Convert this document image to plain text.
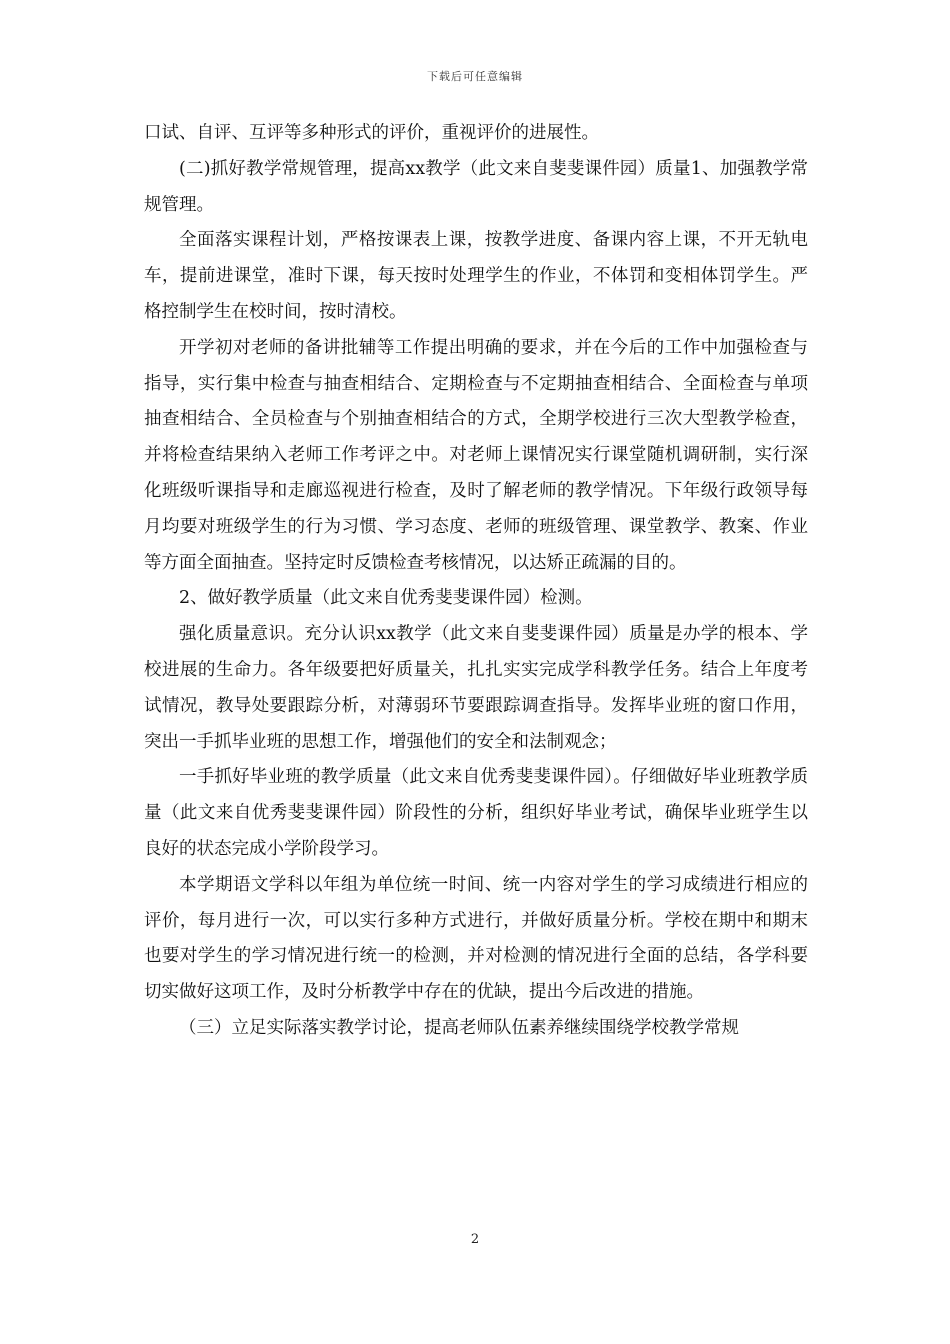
下载后可任意编辑

口试、自评、互评等多种形式的评价，重视评价的进展性。

(二)抓好教学常规管理，提高xx教学（此文来自斐斐课件园）质量1、加强教学常规管理。

全面落实课程计划，严格按课表上课，按教学进度、备课内容上课，不开无轨电车，提前进课堂，准时下课，每天按时处理学生的作业，不体罚和变相体罚学生。严格控制学生在校时间，按时清校。

开学初对老师的备讲批辅等工作提出明确的要求，并在今后的工作中加强检查与指导，实行集中检查与抽查相结合、定期检查与不定期抽查相结合、全面检查与单项抽查相结合、全员检查与个别抽查相结合的方式，全期学校进行三次大型教学检查，并将检查结果纳入老师工作考评之中。对老师上课情况实行课堂随机调研制，实行深化班级听课指导和走廊巡视进行检查，及时了解老师的教学情况。下年级行政领导每月均要对班级学生的行为习惯、学习态度、老师的班级管理、课堂教学、教案、作业等方面全面抽查。坚持定时反馈检查考核情况，以达矫正疏漏的目的。

2、做好教学质量（此文来自优秀斐斐课件园）检测。

强化质量意识。充分认识xx教学（此文来自斐斐课件园）质量是办学的根本、学校进展的生命力。各年级要把好质量关，扎扎实实完成学科教学任务。结合上年度考试情况，教导处要跟踪分析，对薄弱环节要跟踪调查指导。发挥毕业班的窗口作用，突出一手抓毕业班的思想工作，增强他们的安全和法制观念；

一手抓好毕业班的教学质量（此文来自优秀斐斐课件园）。仔细做好毕业班教学质量（此文来自优秀斐斐课件园）阶段性的分析，组织好毕业考试，确保毕业班学生以良好的状态完成小学阶段学习。

本学期语文学科以年组为单位统一时间、统一内容对学生的学习成绩进行相应的评价，每月进行一次，可以实行多种方式进行，并做好质量分析。学校在期中和期末也要对学生的学习情况进行统一的检测，并对检测的情况进行全面的总结，各学科要切实做好这项工作，及时分析教学中存在的优缺，提出今后改进的措施。

（三）立足实际落实教学讨论，提高老师队伍素养继续围绕学校教学常规

2
